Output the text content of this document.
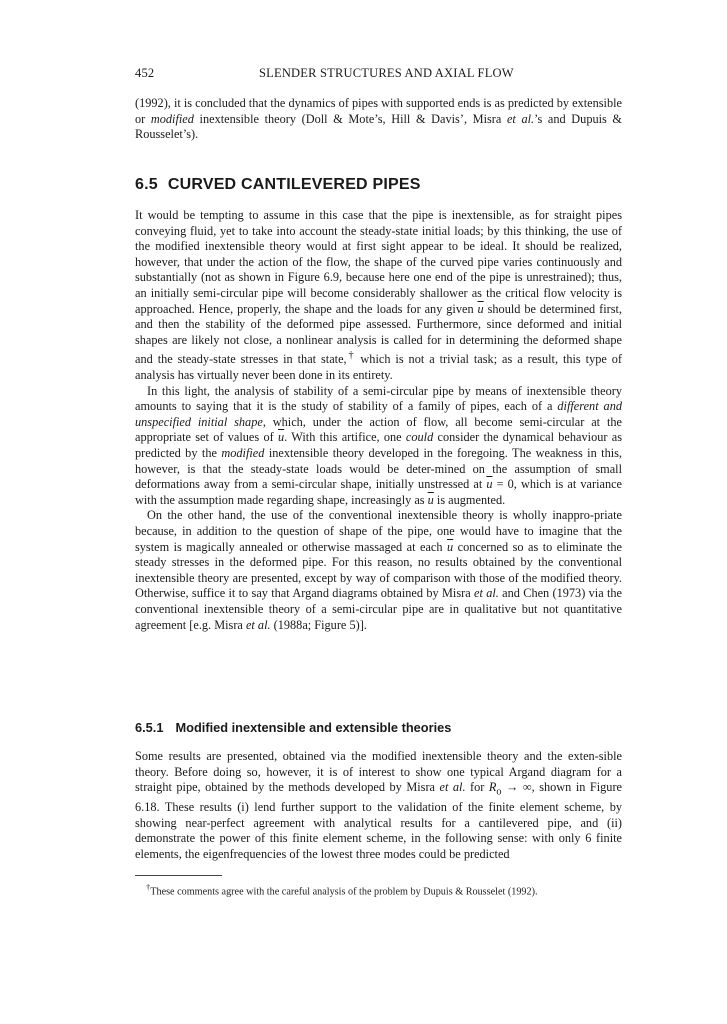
452	SLENDER STRUCTURES AND AXIAL FLOW

(1992), it is concluded that the dynamics of pipes with supported ends is as predicted by extensible or modified inextensible theory (Doll & Mote’s, Hill & Davis’, Misra et al.’s and Dupuis & Rousselet’s).

6.5 CURVED CANTILEVERED PIPES

It would be tempting to assume in this case that the pipe is inextensible, as for straight pipes conveying fluid, yet to take into account the steady-state initial loads; by this thinking, the use of the modified inextensible theory would at first sight appear to be ideal. It should be realized, however, that under the action of the flow, the shape of the curved pipe varies continuously and substantially (not as shown in Figure 6.9, because here one end of the pipe is unrestrained); thus, an initially semi-circular pipe will become considerably shallower as the critical flow velocity is approached. Hence, properly, the shape and the loads for any given $\overline{u}$ should be determined first, and then the stability of the deformed pipe assessed. Furthermore, since deformed and initial shapes are likely not close, a nonlinear analysis is called for in determining the deformed shape and the steady-state stresses in that state,† which is not a trivial task; as a result, this type of analysis has virtually never been done in its entirety.

In this light, the analysis of stability of a semi-circular pipe by means of inextensible theory amounts to saying that it is the study of stability of a family of pipes, each of a different and unspecified initial shape, which, under the action of flow, all become semi-circular at the appropriate set of values of $\overline{u}$. With this artifice, one could consider the dynamical behaviour as predicted by the modified inextensible theory developed in the foregoing. The weakness in this, however, is that the steady-state loads would be deter-mined on the assumption of small deformations away from a semi-circular shape, initially unstressed at $\overline{u} = 0$, which is at variance with the assumption made regarding shape, increasingly as $\overline{u}$ is augmented.

On the other hand, the use of the conventional inextensible theory is wholly inappro-priate because, in addition to the question of shape of the pipe, one would have to imagine that the system is magically annealed or otherwise massaged at each $\overline{u}$ concerned so as to eliminate the steady stresses in the deformed pipe. For this reason, no results obtained by the conventional inextensible theory are presented, except by way of comparison with those of the modified theory. Otherwise, suffice it to say that Argand diagrams obtained by Misra et al. and Chen (1973) via the conventional inextensible theory of a semi-circular pipe are in qualitative but not quantitative agreement [e.g. Misra et al. (1988a; Figure 5)].

6.5.1 Modified inextensible and extensible theories

Some results are presented, obtained via the modified inextensible theory and the exten-sible theory. Before doing so, however, it is of interest to show one typical Argand diagram for a straight pipe, obtained by the methods developed by Misra et al. for $R_o$ → ∞, shown in Figure 6.18. These results (i) lend further support to the validation of the finite element scheme, by showing near-perfect agreement with analytical results for a cantilevered pipe, and (ii) demonstrate the power of this finite element scheme, in the following sense: with only 6 finite elements, the eigenfrequencies of the lowest three modes could be predicted

†These comments agree with the careful analysis of the problem by Dupuis & Rousselet (1992).
